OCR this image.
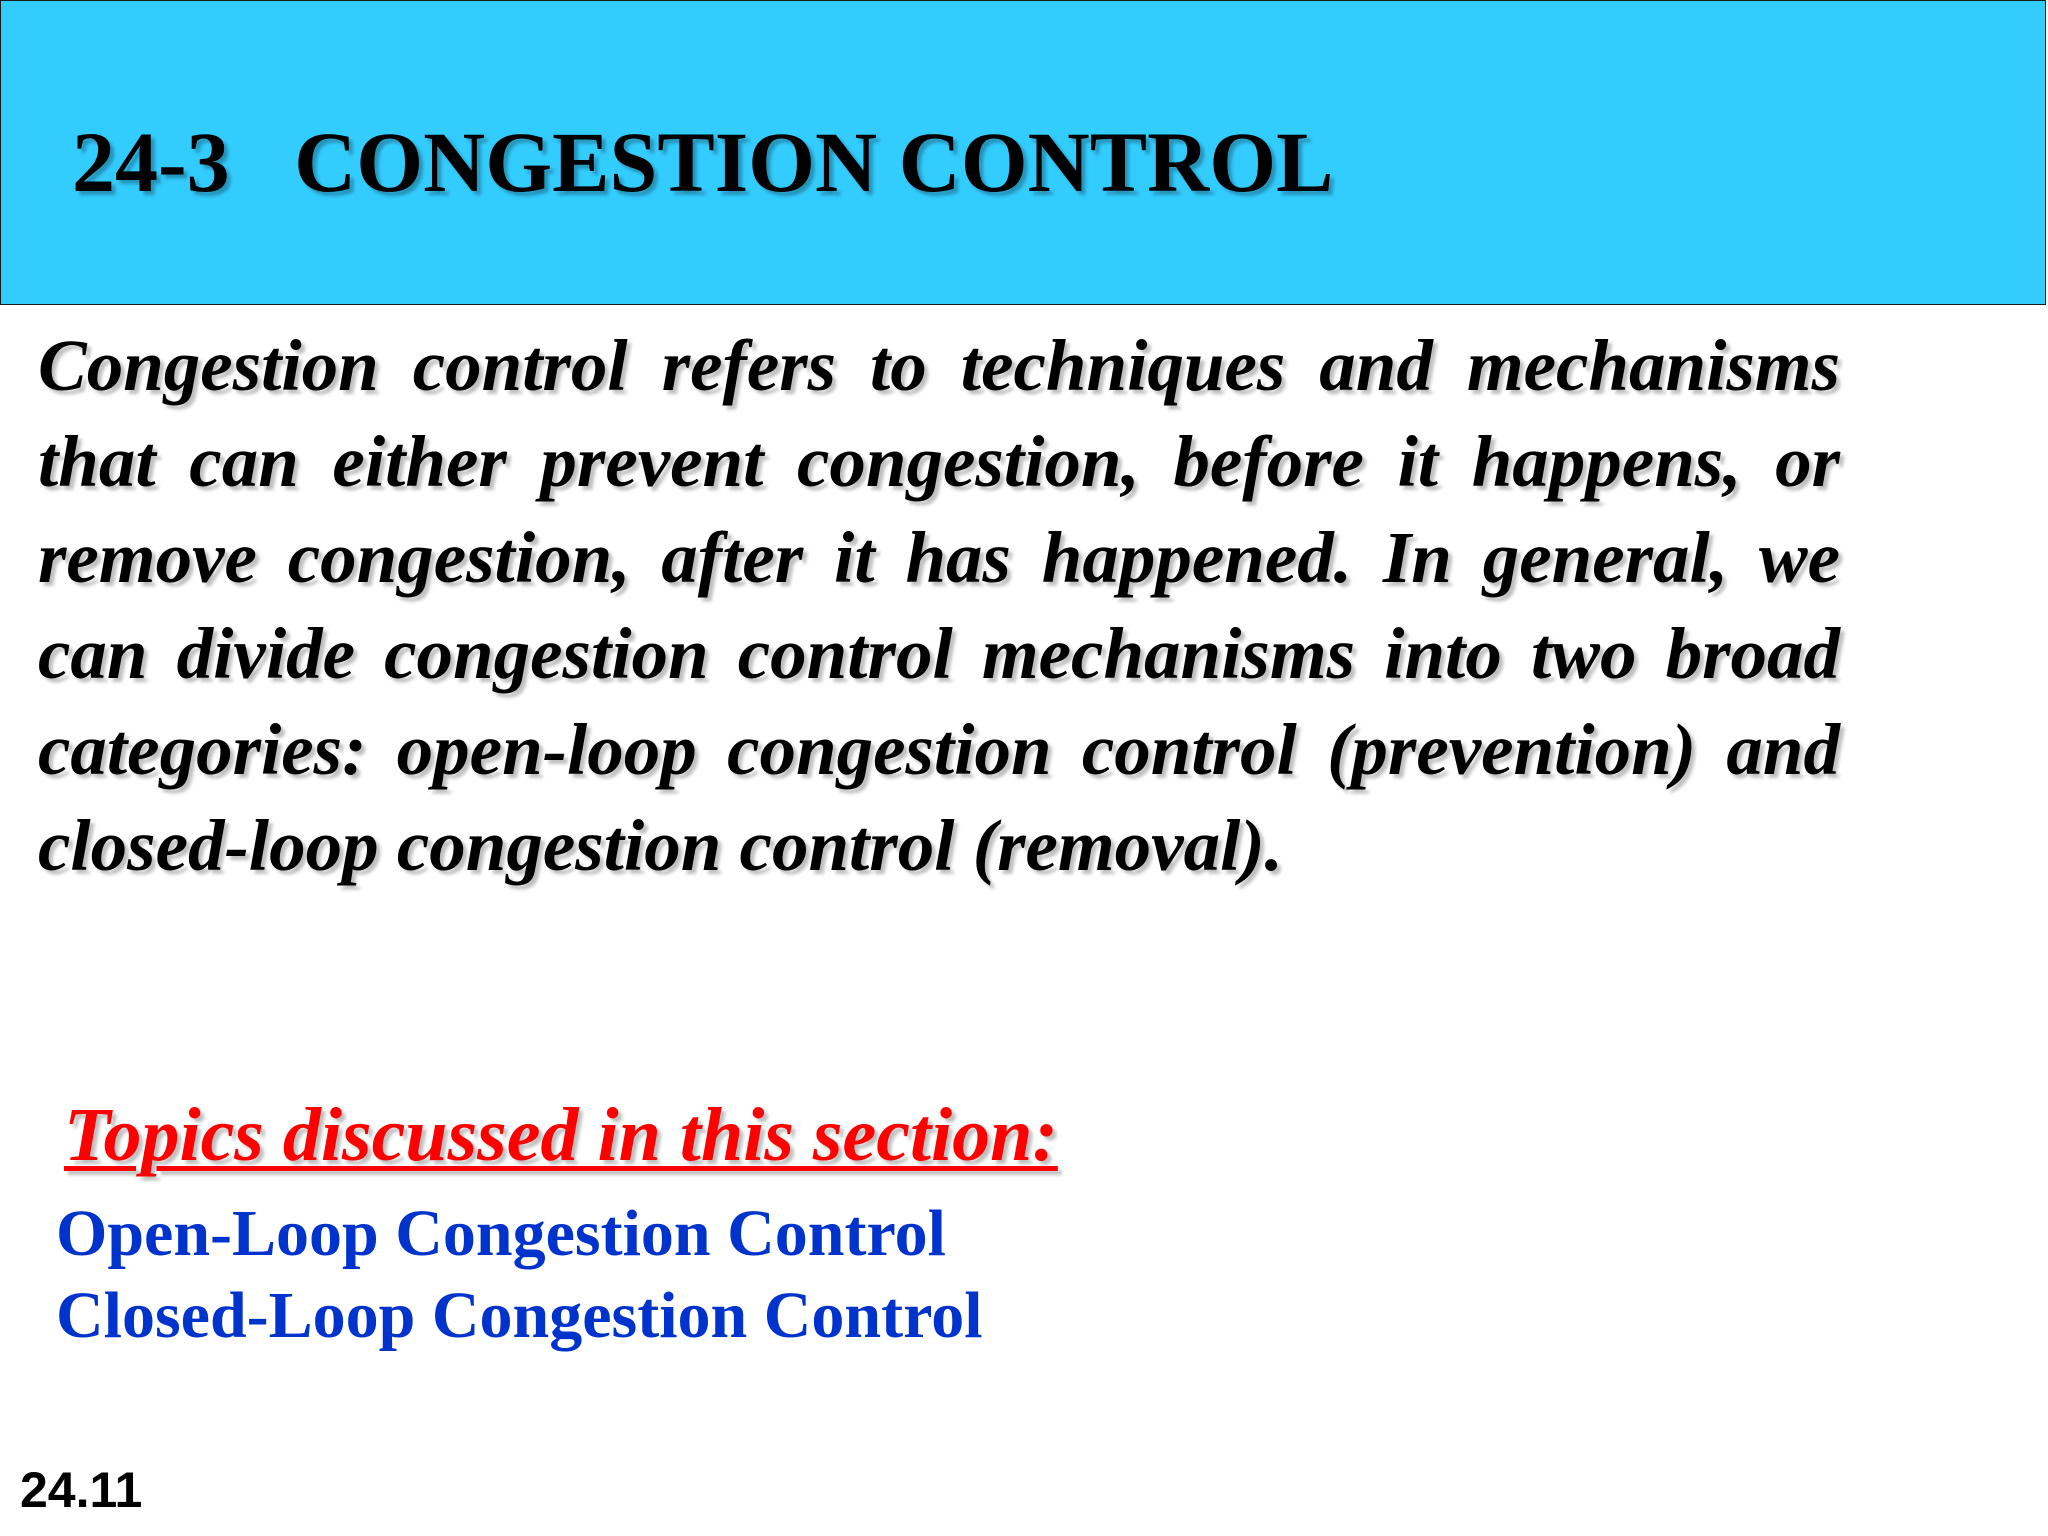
24-3   CONGESTION CONTROL

Congestion control refers to techniques and mechanisms that can either prevent congestion, before it happens, or remove congestion, after it has happened. In general, we can divide congestion control mechanisms into two broad categories: open-loop congestion control (prevention) and closed-loop congestion control (removal).

Topics discussed in this section:
Open-Loop Congestion Control
Closed-Loop Congestion Control
24.11
